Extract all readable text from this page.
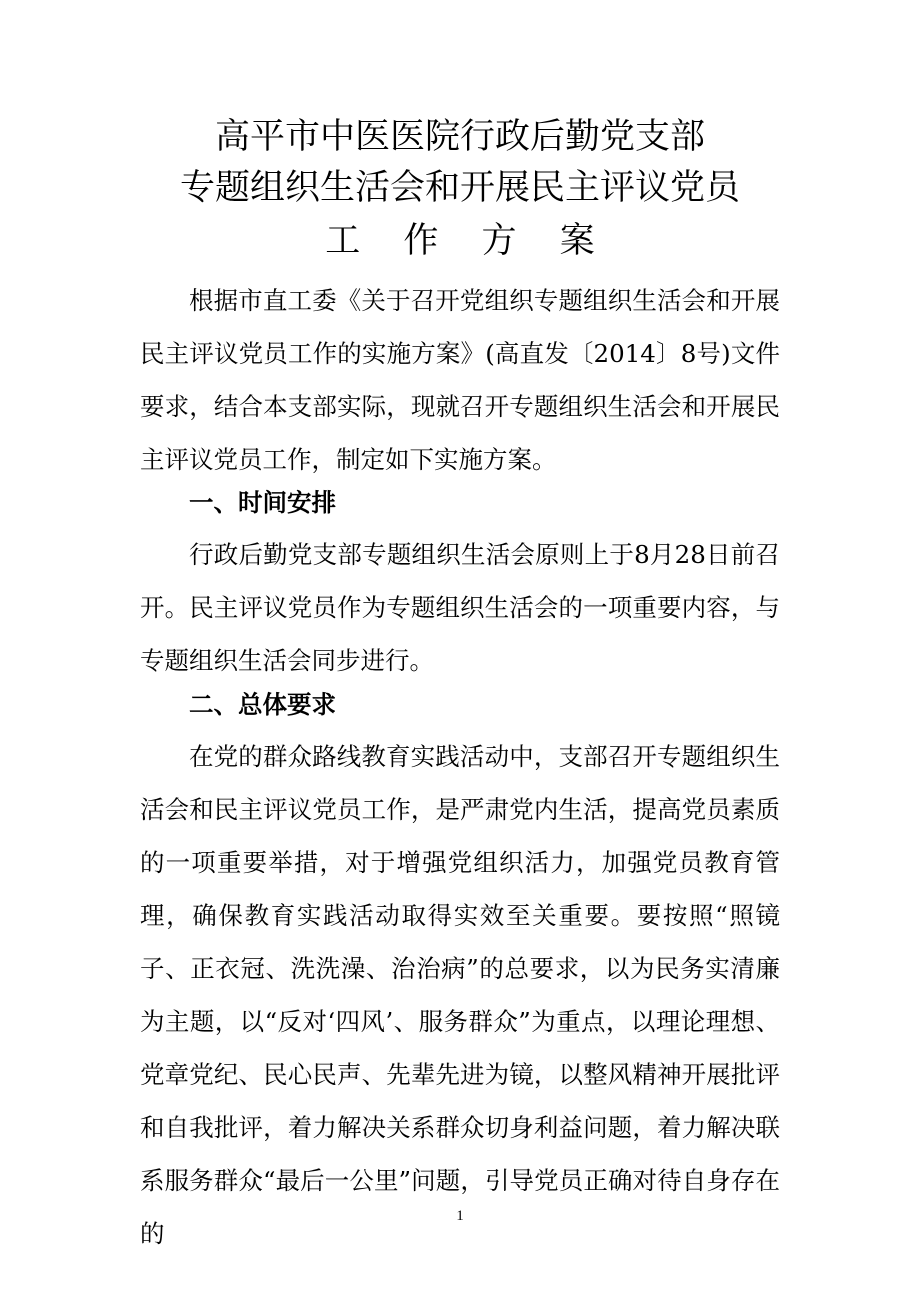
高平市中医医院行政后勤党支部
专题组织生活会和开展民主评议党员
工 作 方 案

根据市直工委《关于召开党组织专题组织生活会和开展民主评议党员工作的实施方案》(高直发〔2014〕8号)文件要求，结合本支部实际，现就召开专题组织生活会和开展民主评议党员工作，制定如下实施方案。

一、时间安排

行政后勤党支部专题组织生活会原则上于8月28日前召开。民主评议党员作为专题组织生活会的一项重要内容，与专题组织生活会同步进行。

二、总体要求

在党的群众路线教育实践活动中，支部召开专题组织生活会和民主评议党员工作，是严肃党内生活，提高党员素质的一项重要举措，对于增强党组织活力，加强党员教育管理，确保教育实践活动取得实效至关重要。要按照“照镜子、正衣冠、洗洗澡、治治病”的总要求，以为民务实清廉为主题，以“反对‘四风’、服务群众”为重点，以理论理想、党章党纪、民心民声、先辈先进为镜，以整风精神开展批评和自我批评，着力解决关系群众切身利益问题，着力解决联系服务群众“最后一公里”问题，引导党员正确对待自身存在的

1
